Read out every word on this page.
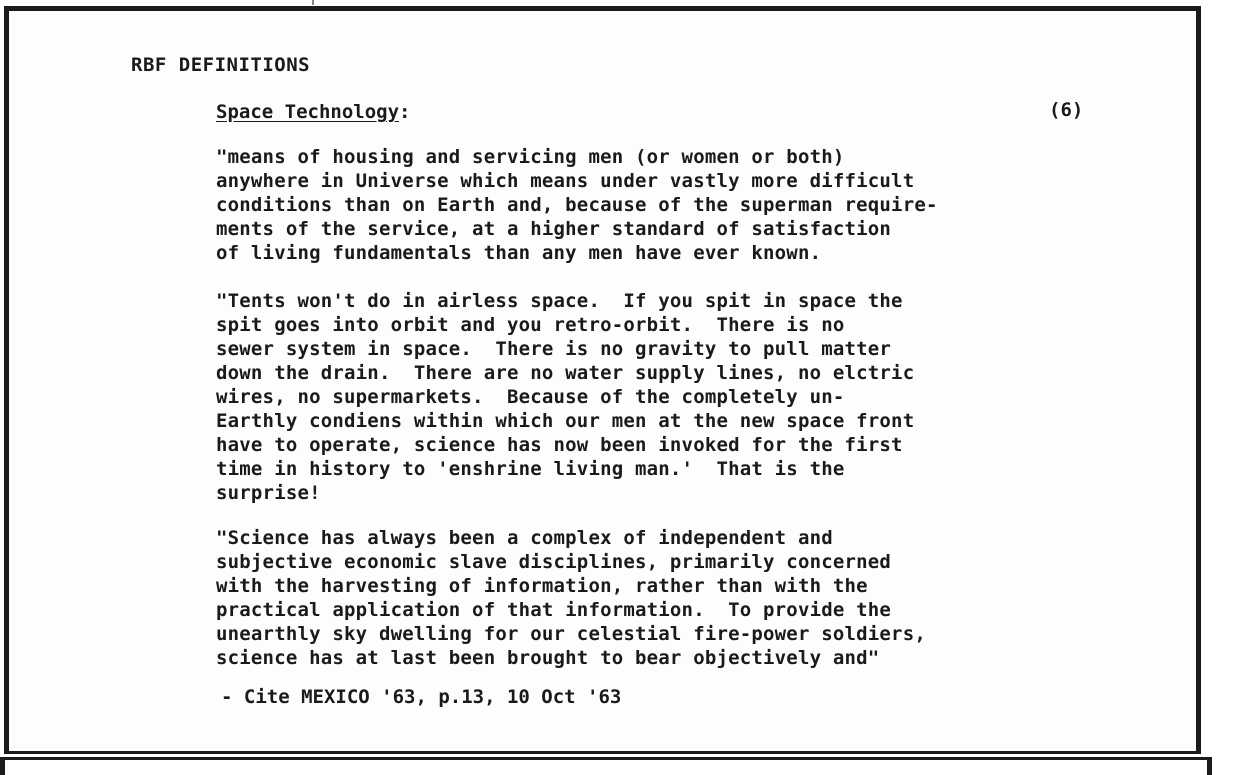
RBF DEFINITIONS
Space Technology:	(6)
"means of housing and servicing men (or women or both)
anywhere in Universe which means under vastly more difficult
conditions than on Earth and, because of the superman require-
ments of the service, at a higher standard of satisfaction
of living fundamentals than any men have ever known.
"Tents won't do in airless space.  If you spit in space the
spit goes into orbit and you retro-orbit.  There is no
sewer system in space.  There is no gravity to pull matter
down the drain.  There are no water supply lines, no elctric
wires, no supermarkets.  Because of the completely un-
Earthly condiens within which our men at the new space front
have to operate, science has now been invoked for the first
time in history to 'enshrine living man.'  That is the
surprise!
"Science has always been a complex of independent and
subjective economic slave disciplines, primarily concerned
with the harvesting of information, rather than with the
practical application of that information.  To provide the
unearthly sky dwelling for our celestial fire-power soldiers,
science has at last been brought to bear objectively and"
- Cite MEXICO '63, p.13, 10 Oct '63
